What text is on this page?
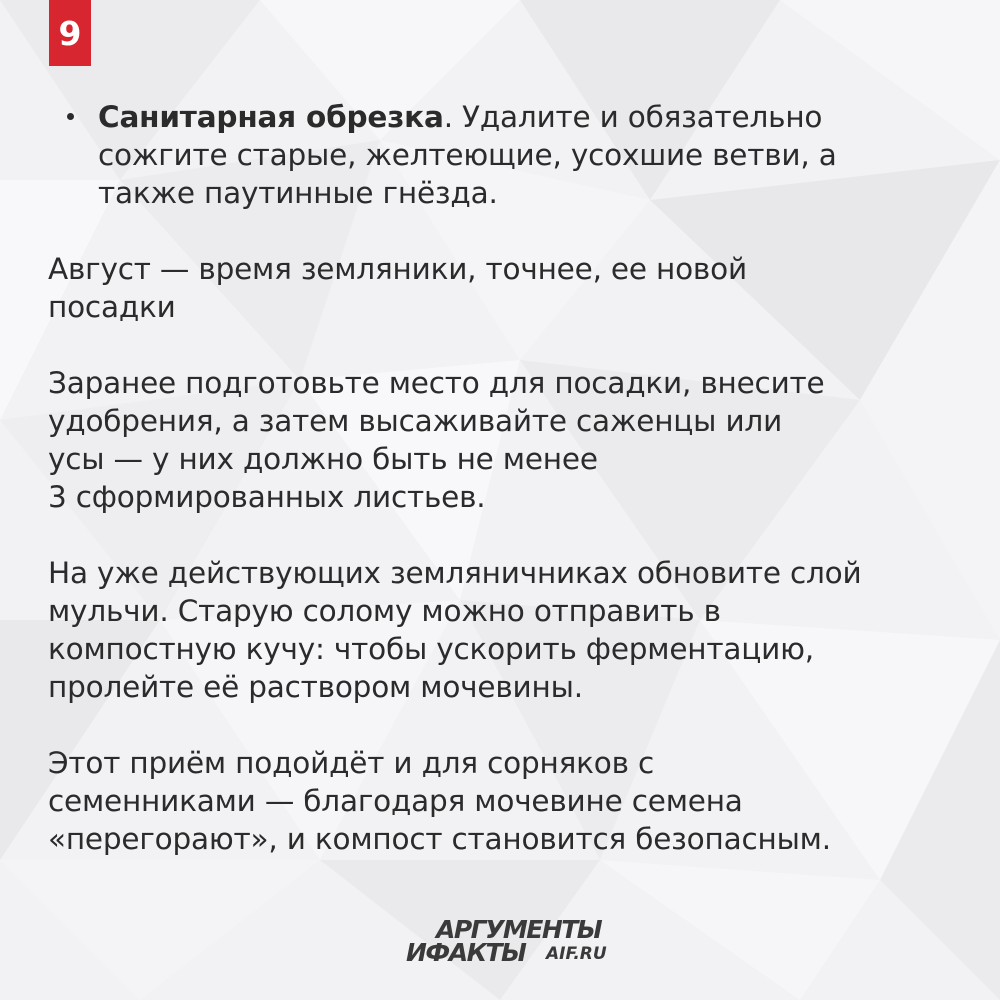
9
Санитарная обрезка. Удалите и обязательно
сожгите старые, желтеющие, усохшие ветви, а
также паутинные гнёзда.

Август — время земляники, точнее, ее новой
посадки

Заранее подготовьте место для посадки, внесите
удобрения, а затем высаживайте саженцы или
усы — у них должно быть не менее
3 сформированных листьев.

На уже действующих земляничниках обновите слой
мульчи. Старую солому можно отправить в
компостную кучу: чтобы ускорить ферментацию,
пролейте её раствором мочевины.

Этот приём подойдёт и для сорняков с
семенниками — благодаря мочевине семена
«перегорают», и компост становится безопасным.

АРГУМЕНТЫ
ИФАКТЫ AIF.RU
